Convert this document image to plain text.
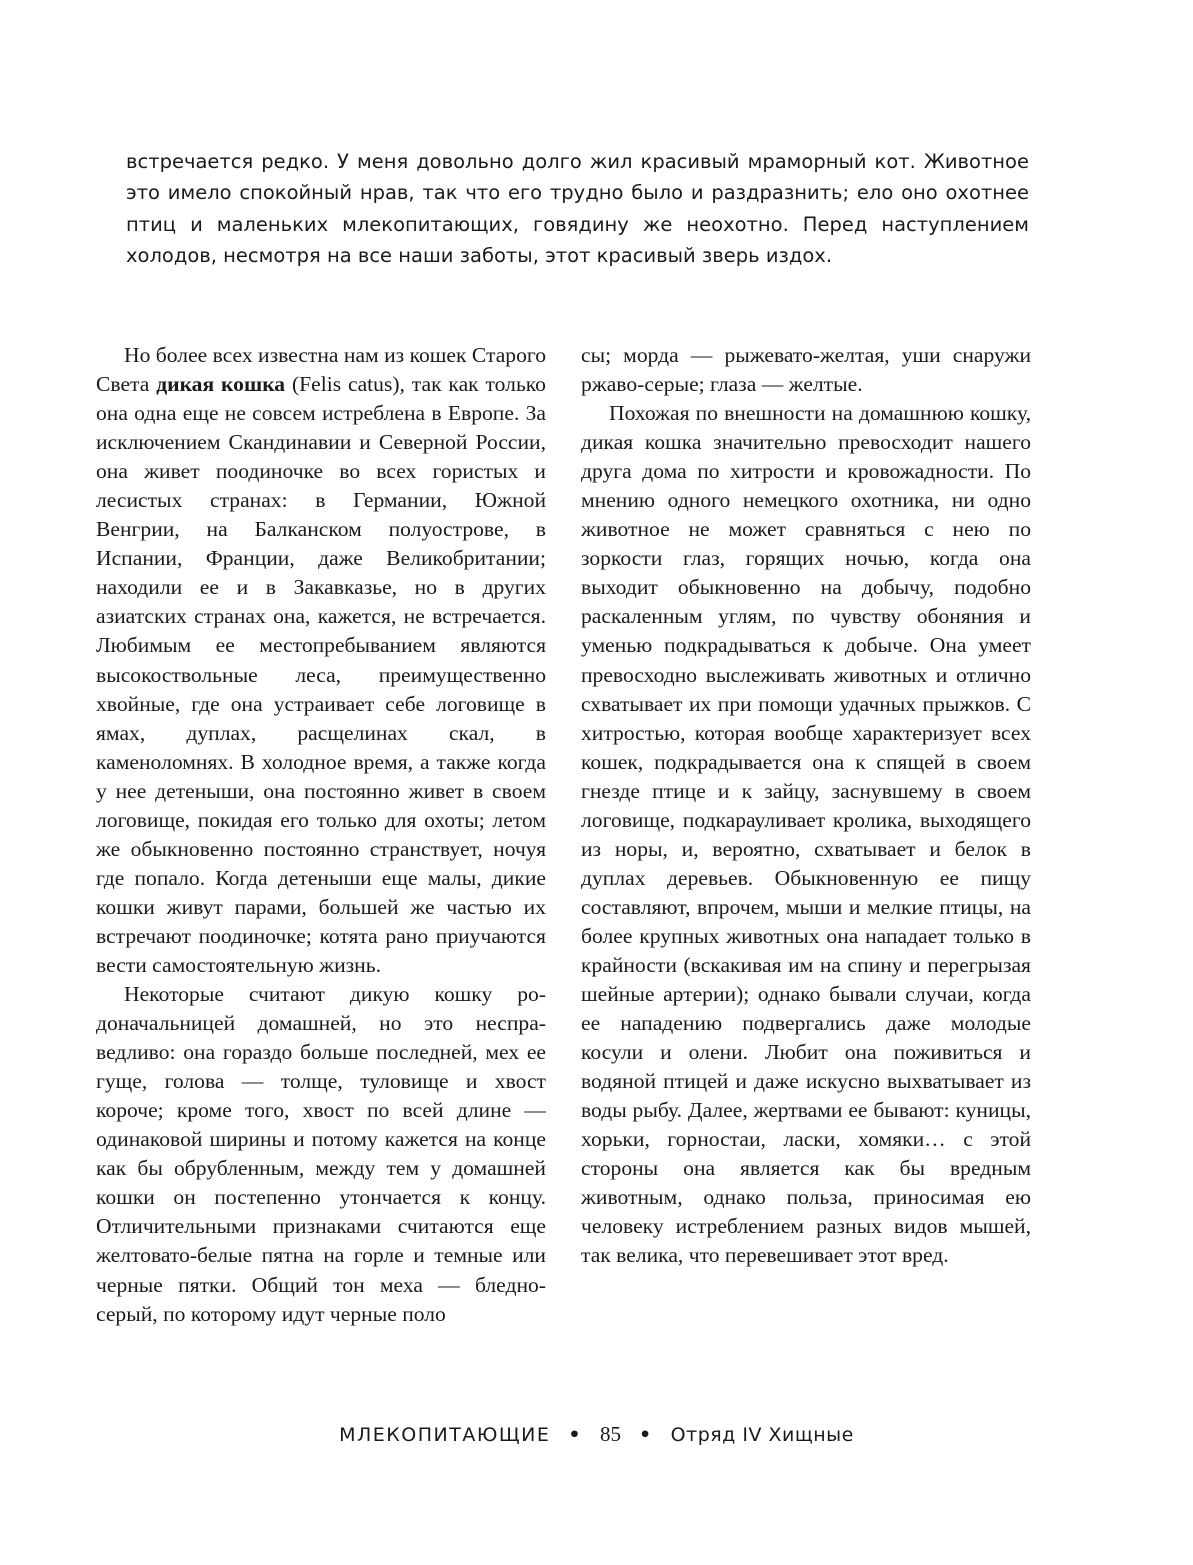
встречается редко. У меня довольно долго жил красивый мраморный кот. Животное это имело спокойный нрав, так что его трудно было и раздразнить; ело оно охотнее птиц и маленьких млекопитающих, говядину же неохотно. Перед наступлением холодов, несмотря на все наши заботы, этот красивый зверь издох.

Но более всех известна нам из кошек Старого Света дикая кошка (Felis catus), так как только она одна еще не совсем истреблена в Европе. За исключением Скандинавии и Северной России, она живет поодиночке во всех гористых и лесистых странах: в Германии, Южной Венгрии, на Балканском полуострове, в Испании, Франции, даже Великобритании; находили ее и в Закавказье, но в других азиатских странах она, кажется, не встречается. Любимым ее местопребыванием являются высокоствольные леса, преимущественно хвойные, где она устраивает себе логовище в ямах, дуплах, расщелинах скал, в каменоломнях. В холодное время, а также когда у нее детеныши, она постоянно живет в своем логовище, покидая его только для охоты; летом же обыкновенно постоянно странствует, ночуя где попало. Когда детеныши еще малы, дикие кошки живут парами, большей же частью их встречают поодиночке; котята рано приучаются вести самостоятельную жизнь.

Некоторые считают дикую кошку родоначальницей домашней, но это несправедливо: она гораздо больше последней, мех ее гуще, голова — толще, туловище и хвост короче; кроме того, хвост по всей длине — одинаковой ширины и потому кажется на конце как бы обрубленным, между тем у домашней кошки он постепенно утончается к концу. Отличительными признаками считаются еще желтовато-белые пятна на горле и темные или черные пятки. Общий тон меха — бледно-серый, по которому идут черные поло

сы; морда — рыжевато-желтая, уши снаружи ржаво-серые; глаза — желтые.

Похожая по внешности на домашнюю кошку, дикая кошка значительно превосходит нашего друга дома по хитрости и кровожадности. По мнению одного немецкого охотника, ни одно животное не может сравняться с нею по зоркости глаз, горящих ночью, когда она выходит обыкновенно на добычу, подобно раскаленным углям, по чувству обоняния и уменью подкрадываться к добыче. Она умеет превосходно выслеживать животных и отлично схватывает их при помощи удачных прыжков. С хитростью, которая вообще характеризует всех кошек, подкрадывается она к спящей в своем гнезде птице и к зайцу, заснувшему в своем логовище, подкарауливает кролика, выходящего из норы, и, вероятно, схватывает и белок в дуплах деревьев. Обыкновенную ее пищу составляют, впрочем, мыши и мелкие птицы, на более крупных животных она нападает только в крайности (вскакивая им на спину и перегрызая шейные артерии); однако бывали случаи, когда ее нападению подвергались даже молодые косули и олени. Любит она поживиться и водяной птицей и даже искусно выхватывает из воды рыбу. Далее, жертвами ее бывают: куницы, хорьки, горностаи, ласки, хомяки… с этой стороны она является как бы вредным животным, однако польза, приносимая ею человеку истреблением разных видов мышей, так велика, что перевешивает этот вред.

МЛЕКОПИТАЮЩИЕ • 85 • Отряд IV Хищные
